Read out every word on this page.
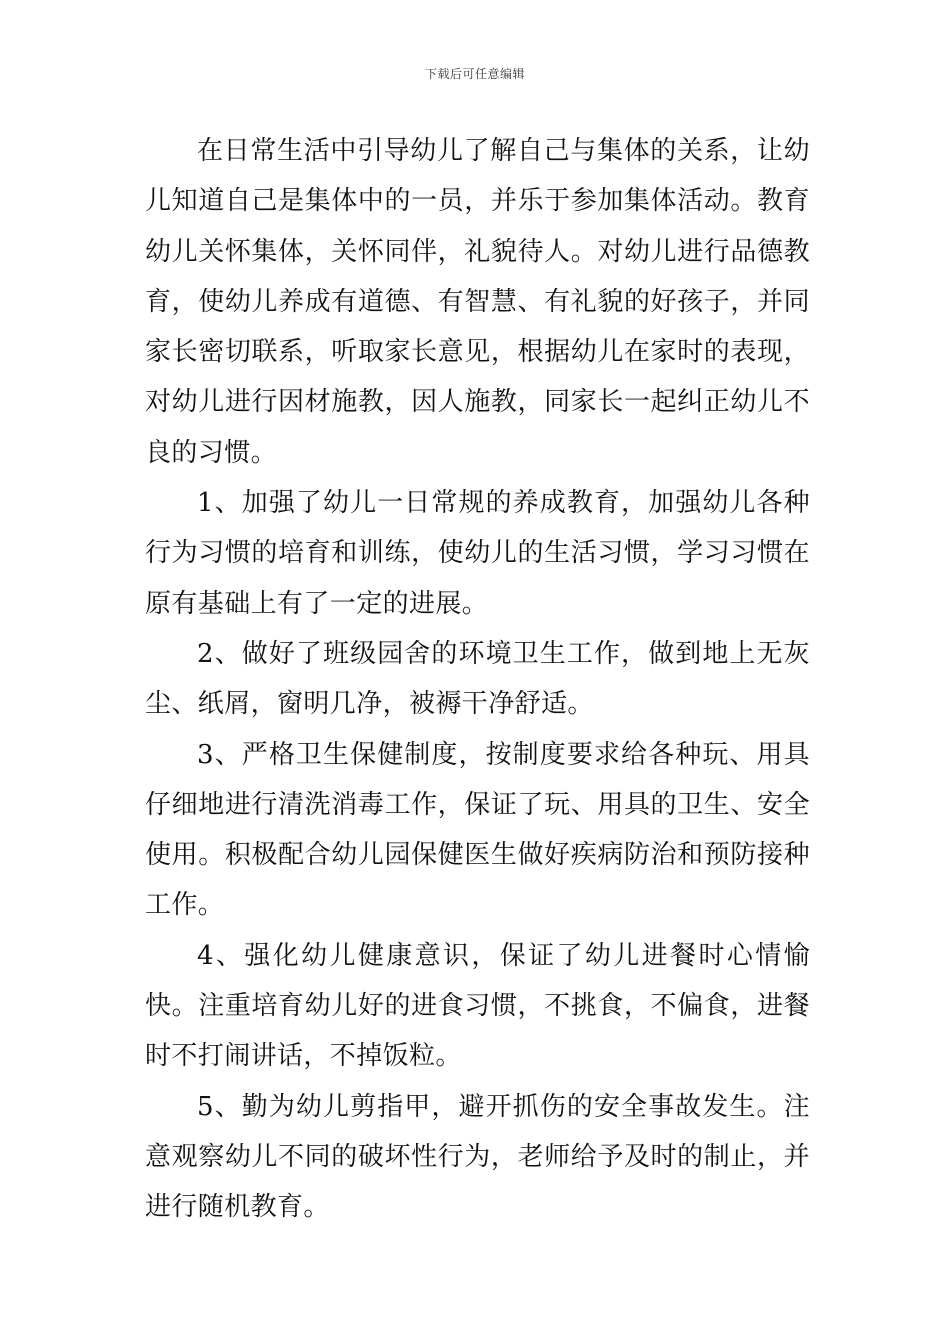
下载后可任意编辑

在日常生活中引导幼儿了解自己与集体的关系，让幼儿知道自己是集体中的一员，并乐于参加集体活动。教育幼儿关怀集体，关怀同伴，礼貌待人。对幼儿进行品德教育，使幼儿养成有道德、有智慧、有礼貌的好孩子，并同家长密切联系，听取家长意见，根据幼儿在家时的表现，对幼儿进行因材施教，因人施教，同家长一起纠正幼儿不良的习惯。

1、加强了幼儿一日常规的养成教育，加强幼儿各种行为习惯的培育和训练，使幼儿的生活习惯，学习习惯在原有基础上有了一定的进展。

2、做好了班级园舍的环境卫生工作，做到地上无灰尘、纸屑，窗明几净，被褥干净舒适。

3、严格卫生保健制度，按制度要求给各种玩、用具仔细地进行清洗消毒工作，保证了玩、用具的卫生、安全使用。积极配合幼儿园保健医生做好疾病防治和预防接种工作。

4、强化幼儿健康意识，保证了幼儿进餐时心情愉快。注重培育幼儿好的进食习惯，不挑食，不偏食，进餐时不打闹讲话，不掉饭粒。

5、勤为幼儿剪指甲，避开抓伤的安全事故发生。注意观察幼儿不同的破坏性行为，老师给予及时的制止，并进行随机教育。
